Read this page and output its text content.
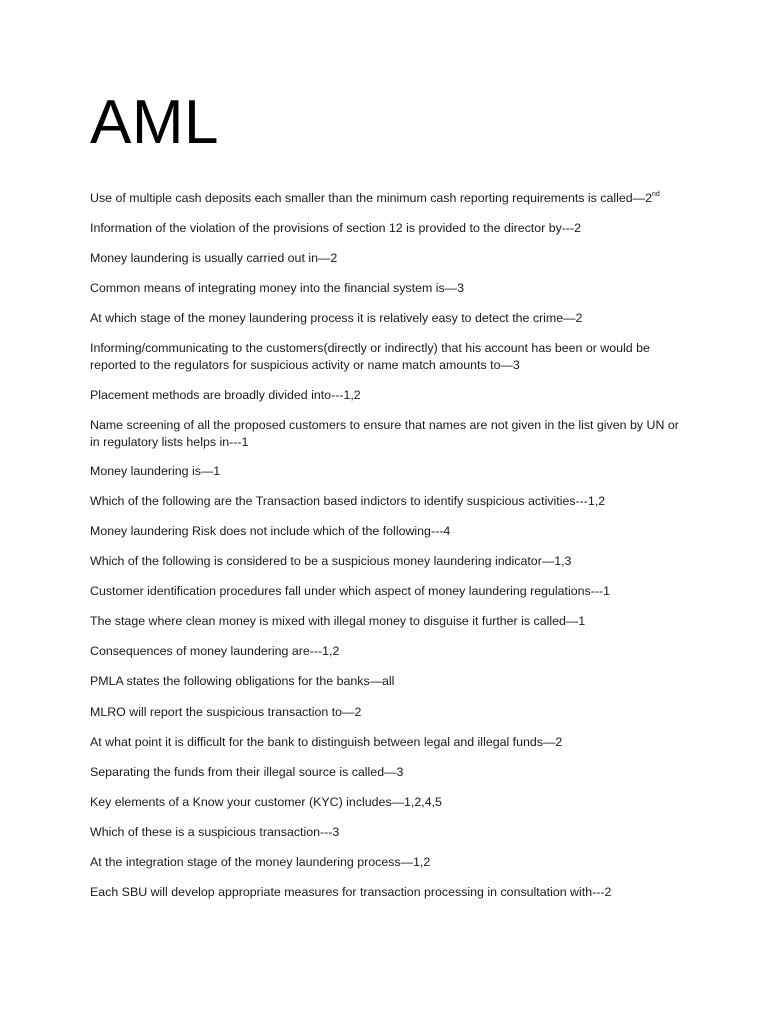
AML
Use of multiple cash deposits each smaller than the minimum cash reporting requirements is called—2nd
Information of the violation of the provisions of section 12 is provided to the director by---2
Money laundering is usually carried out in—2
Common means of integrating money into the financial system is—3
At which stage of the money laundering process it is relatively easy to detect the crime—2
Informing/communicating to the customers(directly or indirectly) that his account has been or would be reported to the regulators for suspicious activity or name match amounts to—3
Placement methods are broadly divided into---1,2
Name screening of all the proposed customers to ensure that names are not given in the list given by UN or in regulatory lists helps in---1
Money laundering is—1
Which of the following are the Transaction based indictors to identify suspicious activities---1,2
Money laundering Risk does not include which of the following---4
Which of the following is considered to be a suspicious money laundering indicator—1,3
Customer identification procedures fall under which aspect of money laundering regulations---1
The stage where clean money is mixed with illegal money to disguise it further is called—1
Consequences of money laundering are---1,2
PMLA states the following obligations for the banks—all
MLRO will report the suspicious transaction to—2
At what point it is difficult for the bank to distinguish between legal and illegal funds—2
Separating the funds from their illegal source is called—3
Key elements of a Know your customer (KYC) includes—1,2,4,5
Which of these is a suspicious transaction---3
At the integration stage of the money laundering process—1,2
Each SBU will develop appropriate measures for transaction processing in consultation with---2
